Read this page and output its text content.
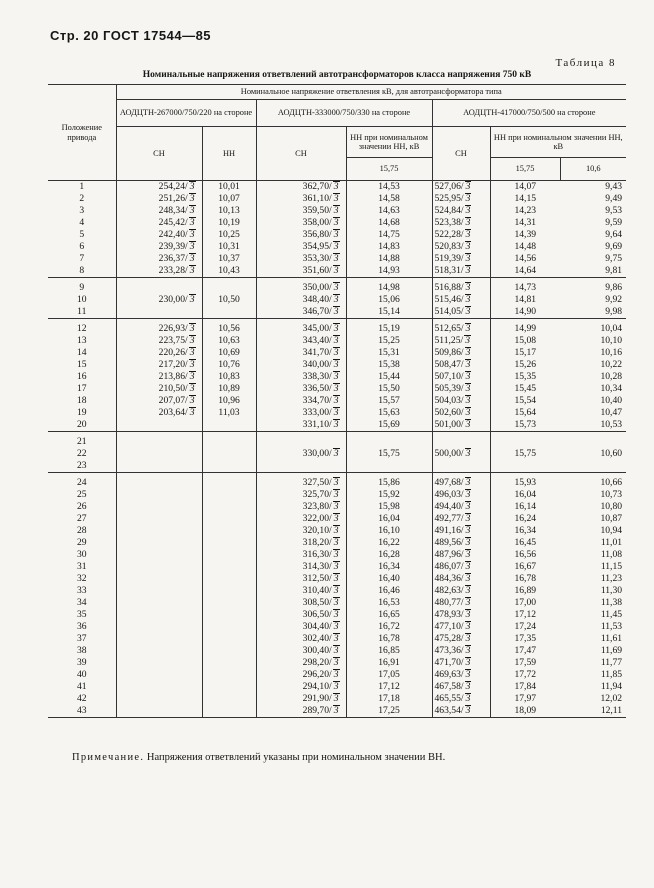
Стр. 20 ГОСТ 17544—85
Таблица 8
Номинальные напряжения ответвлений автотрансформаторов класса напряжения 750 кВ
Положение привода	Номинальное напряжение ответвления кВ, для автотрансформатора типа						
	АОДЦТН-267000/750/220 на стороне		АОДЦТН-333000/750/330 на стороне		АОДЦТН-417000/750/500 на стороне		
	СН	НН	СН	НН при номинальном значении НН, кВ	СН	НН при номинальном значении НН, кВ	
				15,75		15,75	10,6
1	254,24/ 3	10,01	362,70/ 3	14,53	527,06/ 3	14,07	9,43
2	251,26/ 3	10,07	361,10/ 3	14,58	525,95/ 3	14,15	9,49
3	248,34/ 3	10,13	359,50/ 3	14,63	524,84/ 3	14,23	9,53
4	245,42/ 3	10,19	358,00/ 3	14,68	523,38/ 3	14,31	9,59
5	242,40/ 3	10,25	356,80/ 3	14,75	522,28/ 3	14,39	9,64
6	239,39/ 3	10,31	354,95/ 3	14,83	520,83/ 3	14,48	9,69
7	236,37/ 3	10,37	353,30/ 3	14,88	519,39/ 3	14,56	9,75
8	233,28/ 3	10,43	351,60/ 3	14,93	518,31/ 3	14,64	9,81
9			350,00/ 3	14,98	516,88/ 3	14,73	9,86
10	230,00/ 3	10,50	348,40/ 3	15,06	515,46/ 3	14,81	9,92
11			346,70/ 3	15,14	514,05/ 3	14,90	9,98
12	226,93/ 3	10,56	345,00/ 3	15,19	512,65/ 3	14,99	10,04
13	223,75/ 3	10,63	343,40/ 3	15,25	511,25/ 3	15,08	10,10
14	220,26/ 3	10,69	341,70/ 3	15,31	509,86/ 3	15,17	10,16
15	217,20/ 3	10,76	340,00/ 3	15,38	508,47/ 3	15,26	10,22
16	213,86/ 3	10,83	338,30/ 3	15,44	507,10/ 3	15,35	10,28
17	210,50/ 3	10,89	336,50/ 3	15,50	505,39/ 3	15,45	10,34
18	207,07/ 3	10,96	334,70/ 3	15,57	504,03/ 3	15,54	10,40
19	203,64/ 3	11,03	333,00/ 3	15,63	502,60/ 3	15,64	10,47
20			331,10/ 3	15,69	501,00/ 3	15,73	10,53
21							
22			330,00/ 3	15,75	500,00/ 3	15,75	10,60
23							
24			327,50/ 3	15,86	497,68/ 3	15,93	10,66
25			325,70/ 3	15,92	496,03/ 3	16,04	10,73
26			323,80/ 3	15,98	494,40/ 3	16,14	10,80
27			322,00/ 3	16,04	492,77/ 3	16,24	10,87
28			320,10/ 3	16,10	491,16/ 3	16,34	10,94
29			318,20/ 3	16,22	489,56/ 3	16,45	11,01
30			316,30/ 3	16,28	487,96/ 3	16,56	11,08
31			314,30/ 3	16,34	486,07/ 3	16,67	11,15
32			312,50/ 3	16,40	484,36/ 3	16,78	11,23
33			310,40/ 3	16,46	482,63/ 3	16,89	11,30
34			308,50/ 3	16,53	480,77/ 3	17,00	11,38
35			306,50/ 3	16,65	478,93/ 3	17,12	11,45
36			304,40/ 3	16,72	477,10/ 3	17,24	11,53
37			302,40/ 3	16,78	475,28/ 3	17,35	11,61
38			300,40/ 3	16,85	473,36/ 3	17,47	11,69
39			298,20/ 3	16,91	471,70/ 3	17,59	11,77
40			296,20/ 3	17,05	469,63/ 3	17,72	11,85
41			294,10/ 3	17,12	467,58/ 3	17,84	11,94
42			291,90/ 3	17,18	465,55/ 3	17,97	12,02
43			289,70/ 3	17,25	463,54/ 3	18,09	12,11
Примечание. Напряжения ответвлений указаны при номинальном значении ВН.
